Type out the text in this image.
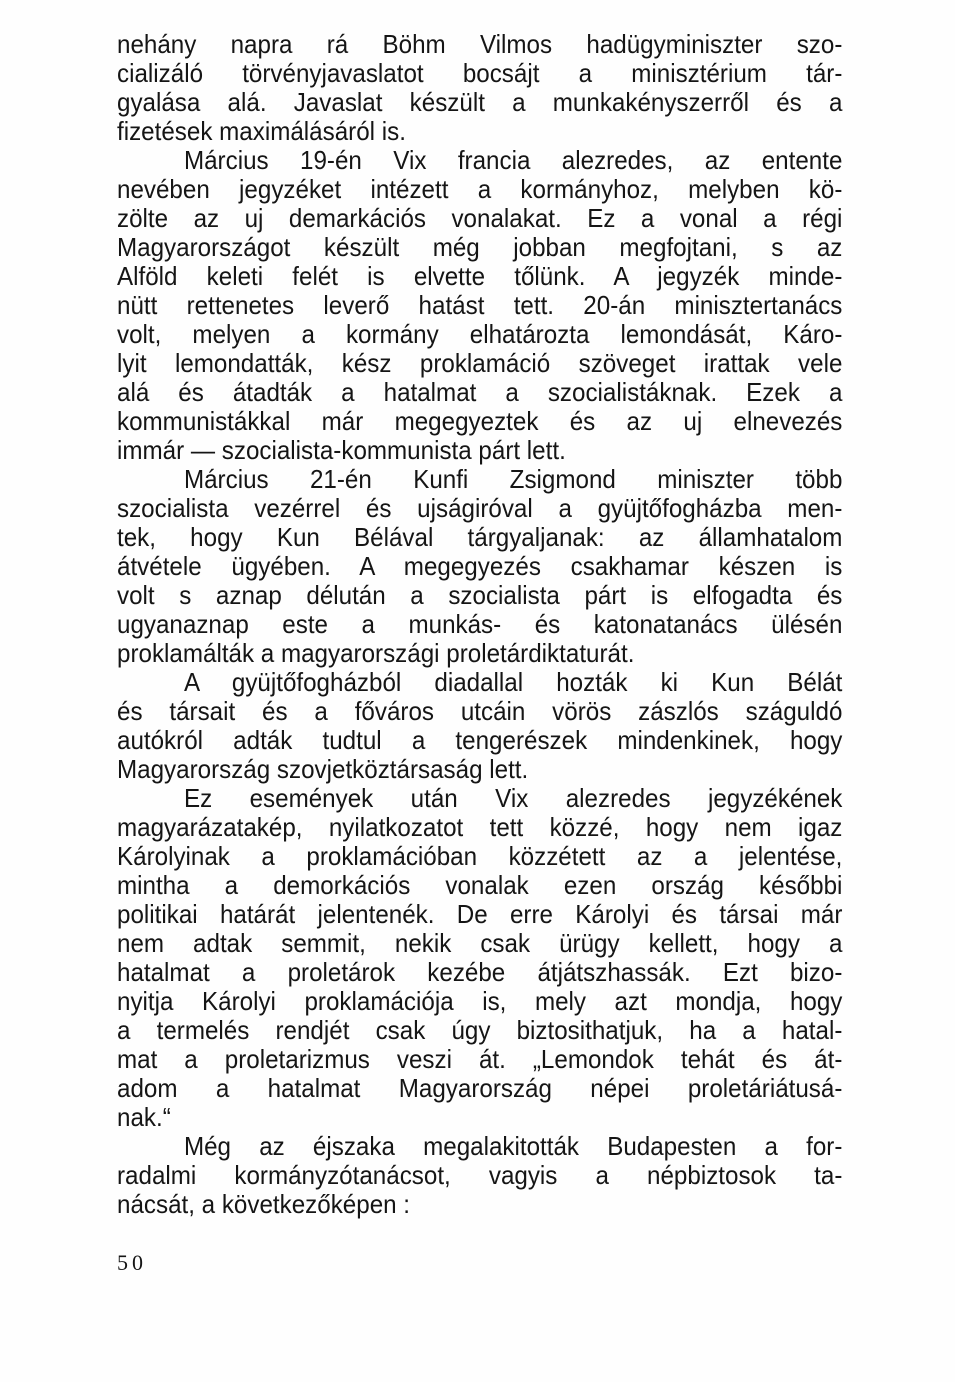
nehány napra rá Böhm Vilmos hadügyminiszter szo-
cializáló törvényjavaslatot bocsájt a minisztérium tár-
gyalása alá. Javaslat készült a munkakényszerről és a
fizetések maximálásáról is.
Március 19-én Vix francia alezredes, az entente
nevében jegyzéket intézett a kormányhoz, melyben kö-
zölte az uj demarkációs vonalakat. Ez a vonal a régi
Magyarországot készült még jobban megfojtani, s az
Alföld keleti felét is elvette tőlünk. A jegyzék minde-
nütt rettenetes leverő hatást tett. 20-án minisztertanács
volt, melyen a kormány elhatározta lemondását, Káro-
lyit lemondatták, kész proklamáció szöveget irattak vele
alá és átadták a hatalmat a szocialistáknak. Ezek a
kommunistákkal már megegyeztek és az uj elnevezés
immár — szocialista-kommunista párt lett.
Március 21-én Kunfi Zsigmond miniszter több
szocialista vezérrel és ujságiróval a gyüjtőfogházba men-
tek, hogy Kun Bélával tárgyaljanak: az államhatalom
átvétele ügyében. A megegyezés csakhamar készen is
volt s aznap délután a szocialista párt is elfogadta és
ugyanaznap este a munkás- és katonatanács ülésén
proklamálták a magyarországi proletárdiktaturát.
A gyüjtőfogházból diadallal hozták ki Kun Bélát
és társait és a főváros utcáin vörös zászlós száguldó
autókról adták tudtul a tengerészek mindenkinek, hogy
Magyarország szovjetköztársaság lett.
Ez események után Vix alezredes jegyzékének
magyarázatakép, nyilatkozatot tett közzé, hogy nem igaz
Károlyinak a proklamációban közzétett az a jelentése,
mintha a demorkációs vonalak ezen ország későbbi
politikai határát jelentenék. De erre Károlyi és társai már
nem adtak semmit, nekik csak ürügy kellett, hogy a
hatalmat a proletárok kezébe átjátszhassák. Ezt bizo-
nyitja Károlyi proklamációja is, mely azt mondja, hogy
a termelés rendjét csak úgy biztosithatjuk, ha a hatal-
mat a proletarizmus veszi át. „Lemondok tehát és át-
adom a hatalmat Magyarország népei proletáriátusá-
nak.“
Még az éjszaka megalakitották Budapesten a for-
radalmi kormányzótanácsot, vagyis a népbiztosok ta-
nácsát, a következőképen :
50
